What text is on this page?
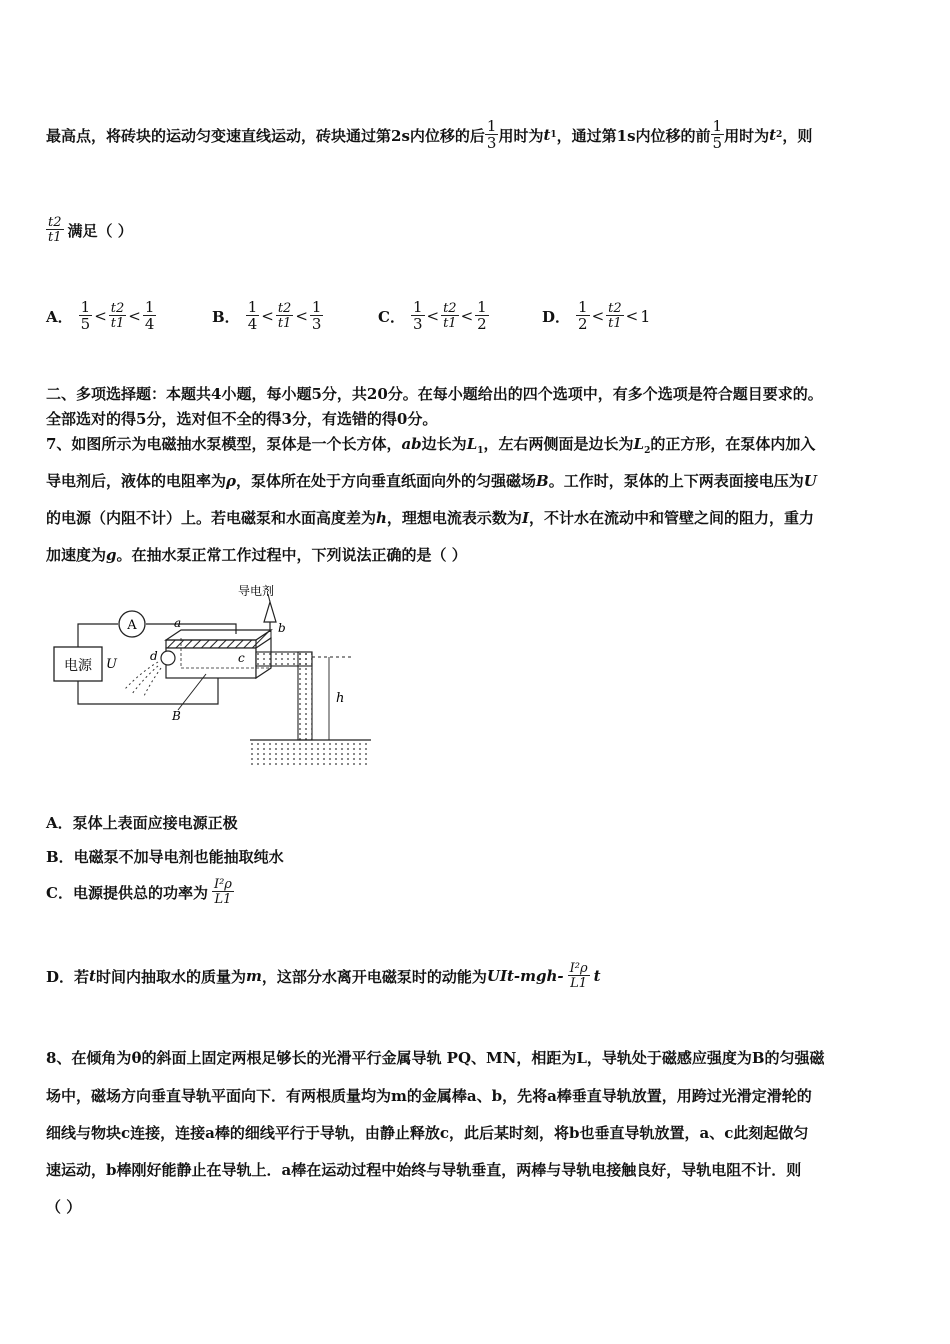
最高点，将砖块的运动匀变速直线运动，砖块通过第2s内位移的后 $\frac{1}{3}$ 用时为 t 1 ，通过第1s内位移的前 $\frac{1}{5}$ 用时为 t 2 ，则
$\frac{t2}{t1}$ 满足（ ）
A． $\frac{1}{5} < \frac{t2}{t1} < \frac{1}{4}$	B． $\frac{1}{4} < \frac{t2}{t1} < \frac{1}{3}$	C． $\frac{1}{3} < \frac{t2}{t1} < \frac{1}{2}$	D． $\frac{1}{2} < \frac{t2}{t1} < 1$
二、多项选择题：本题共4小题，每小题5分，共20分。在每小题给出的四个选项中，有多个选项是符合题目要求的。
全部选对的得5分，选对但不全的得3分，有选错的得0分。
7、如图所示为电磁抽水泵模型，泵体是一个长方体，ab边长为$L_1$，左右两侧面是边长为$L_2$的正方形，在泵体内加入
导电剂后，液体的电阻率为ρ，泵体所在处于方向垂直纸面向外的匀强磁场B。工作时，泵体的上下两表面接电压为U
的电源（内阻不计）上。若电磁泵和水面高度差为h，理想电流表示数为I，不计水在流动中和管壁之间的阻力，重力
加速度为g。在抽水泵正常工作过程中，下列说法正确的是（ ）
电源 U
A
导电剂
h
a	b
c
d
B
A．泵体上表面应接电源正极
B．电磁泵不加导电剂也能抽取纯水
C．电源提供总的功率为 $\frac{\text{I²ρ}}{L1}$
D．若 t 时间内抽取水的质量为 m ，这部分水离开电磁泵时的动能为 $UIt-mgh- \frac{\text{I²ρ}}{L1}$ t
8、在倾角为θ的斜面上固定两根足够长的光滑平行金属导轨 PQ、MN，相距为L，导轨处于磁感应强度为B的匀强磁
场中，磁场方向垂直导轨平面向下．有两根质量均为m的金属棒a、b，先将a棒垂直导轨放置，用跨过光滑定滑轮的
细线与物块c连接，连接a棒的细线平行于导轨，由静止释放c，此后某时刻，将b也垂直导轨放置，a、c此刻起做匀
速运动，b棒刚好能静止在导轨上．a棒在运动过程中始终与导轨垂直，两棒与导轨电接触良好，导轨电阻不计．则
（ ）
